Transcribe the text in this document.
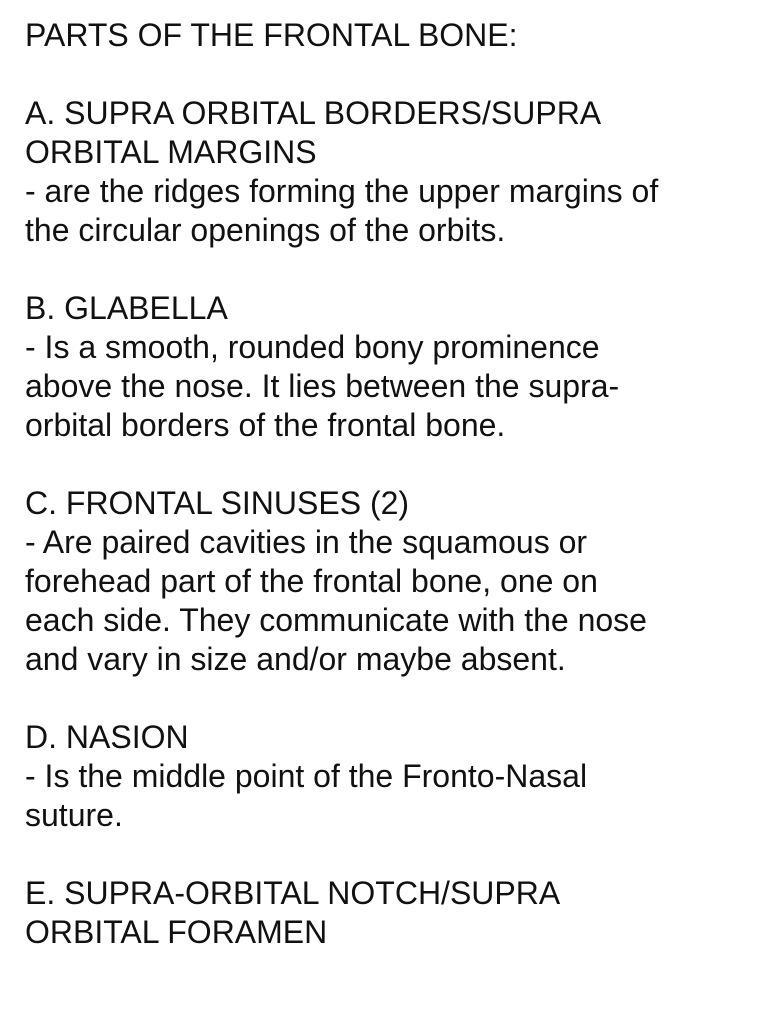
PARTS OF THE FRONTAL BONE:
A. SUPRA ORBITAL BORDERS/SUPRA
ORBITAL MARGINS
- are the ridges forming the upper margins of
the circular openings of the orbits.
B. GLABELLA
- Is a smooth, rounded bony prominence
above the nose. It lies between the supra-
orbital borders of the frontal bone.
C. FRONTAL SINUSES (2)
- Are paired cavities in the squamous or
forehead part of the frontal bone, one on
each side. They communicate with the nose
and vary in size and/or maybe absent.
D. NASION
- Is the middle point of the Fronto-Nasal
suture.
E. SUPRA-ORBITAL NOTCH/SUPRA
ORBITAL FORAMEN
